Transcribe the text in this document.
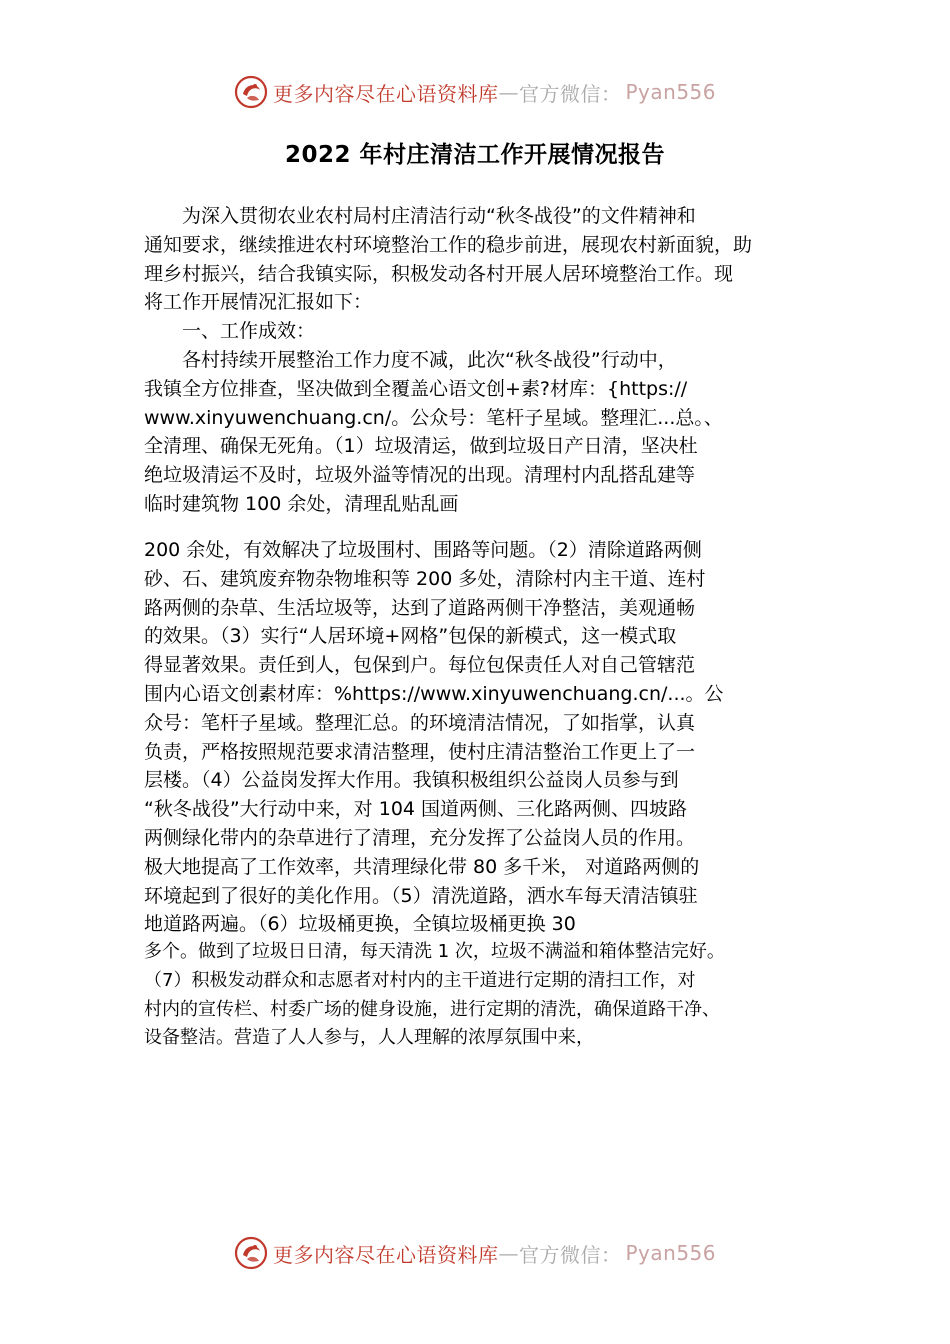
更多内容尽在心语资料库 — 官方微信： Pyan556
2022 年村庄清洁工作开展情况报告
　　为深入贯彻农业农村局村庄清洁行动“秋冬战役”的文件精神和
通知要求，继续推进农村环境整治工作的稳步前进，展现农村新面貌，助
理乡村振兴，结合我镇实际，积极发动各村开展人居环境整治工作。现
将工作开展情况汇报如下：
　　一、工作成效：
　　各村持续开展整治工作力度不减，此次“秋冬战役”行动中，
我镇全方位排查，坚决做到全覆盖心语文创+素?材库：{https://
www.xinyuwenchuang.cn/。公众号：笔杆子星域。整理汇...总。、
全清理、确保无死角。（1）垃圾清运，做到垃圾日产日清，坚决杜
绝垃圾清运不及时，垃圾外溢等情况的出现。清理村内乱搭乱建等
临时建筑物 100 余处，清理乱贴乱画
200 余处，有效解决了垃圾围村、围路等问题。（2）清除道路两侧
砂、石、建筑废弃物杂物堆积等 200 多处，清除村内主干道、连村
路两侧的杂草、生活垃圾等，达到了道路两侧干净整洁，美观通畅
的效果。（3）实行“人居环境+网格”包保的新模式，这一模式取
得显著效果。责任到人，包保到户。每位包保责任人对自己管辖范
围内心语文创素材库：%https://www.xinyuwenchuang.cn/...。公
众号：笔杆子星域。整理汇总。的环境清洁情况，了如指掌，认真
负责，严格按照规范要求清洁整理，使村庄清洁整治工作更上了一
层楼。（4）公益岗发挥大作用。我镇积极组织公益岗人员参与到
“秋冬战役”大行动中来，对 104 国道两侧、三化路两侧、四坡路
两侧绿化带内的杂草进行了清理，充分发挥了公益岗人员的作用。
极大地提高了工作效率，共清理绿化带 80 多千米， 对道路两侧的
环境起到了很好的美化作用。（5）清洗道路，洒水车每天清洁镇驻
地道路两遍。（6）垃圾桶更换，全镇垃圾桶更换 30
多个。做到了垃圾日日清，每天清洗 1 次，垃圾不满溢和箱体整洁完好。
（7）积极发动群众和志愿者对村内的主干道进行定期的清扫工作，对
村内的宣传栏、村委广场的健身设施，进行定期的清洗，确保道路干净、
设备整洁。营造了人人参与，人人理解的浓厚氛围中来，
更多内容尽在心语资料库 — 官方微信： Pyan556
